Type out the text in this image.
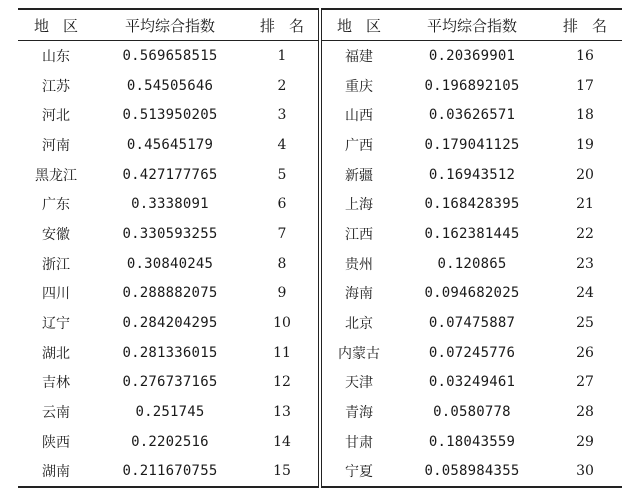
地区	平均综合指数	排名	地区	平均综合指数	排名
山东	0.569658515	1	福建	0.20369901	16
江苏	0.54505646	2	重庆	0.196892105	17
河北	0.513950205	3	山西	0.03626571	18
河南	0.45645179	4	广西	0.179041125	19
黑龙江	0.427177765	5	新疆	0.16943512	20
广东	0.3338091	6	上海	0.168428395	21
安徽	0.330593255	7	江西	0.162381445	22
浙江	0.30840245	8	贵州	0.120865	23
四川	0.288882075	9	海南	0.094682025	24
辽宁	0.284204295	10	北京	0.07475887	25
湖北	0.281336015	11	内蒙古	0.07245776	26
吉林	0.276737165	12	天津	0.03249461	27
云南	0.251745	13	青海	0.0580778	28
陕西	0.2202516	14	甘肃	0.18043559	29
湖南	0.211670755	15	宁夏	0.058984355	30
